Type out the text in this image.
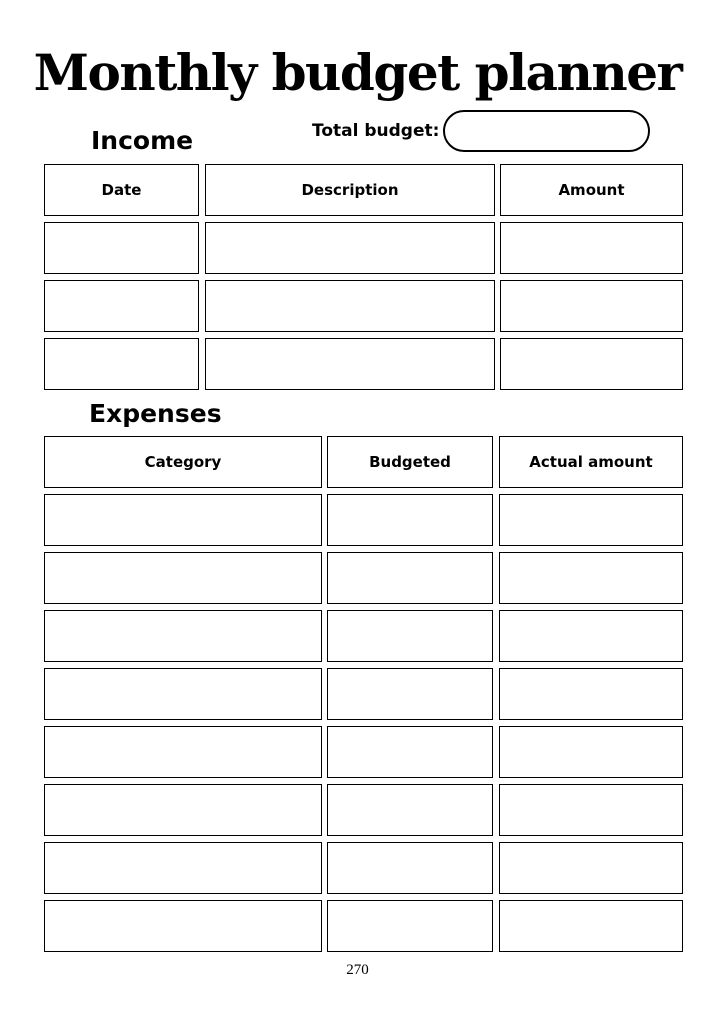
Monthly budget planner
Income	Total budget:
Date	Description	Amount
Expenses
Category	Budgeted	Actual amount
270
